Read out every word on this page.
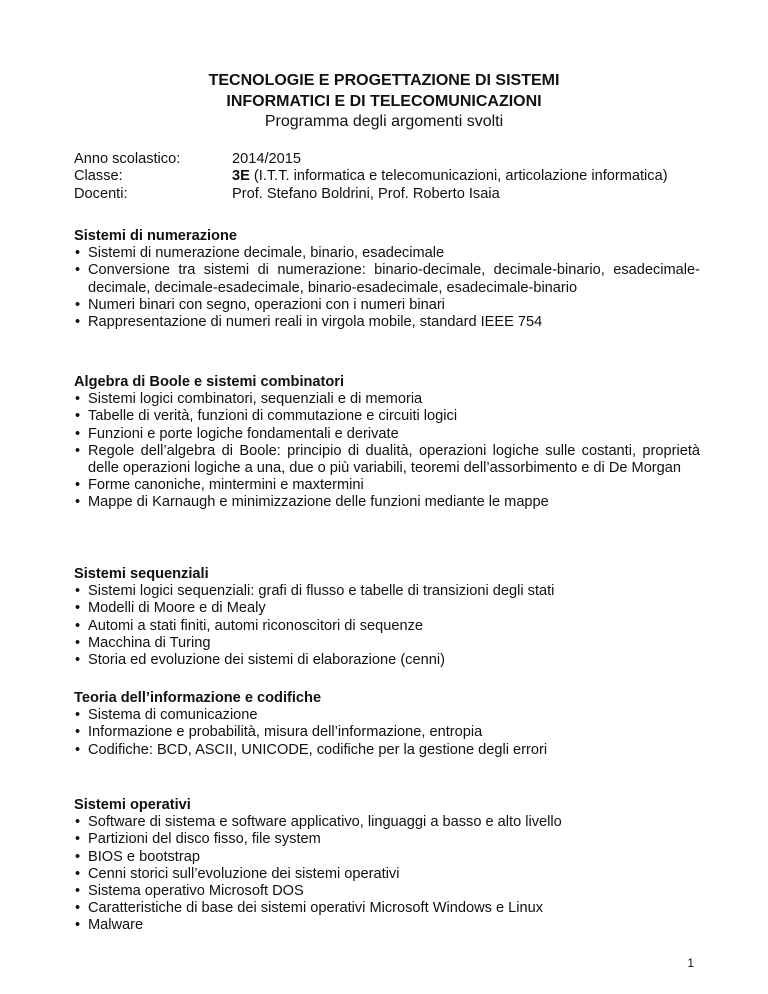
TECNOLOGIE E PROGETTAZIONE DI SISTEMI
INFORMATICI E DI TELECOMUNICAZIONI
Programma degli argomenti svolti
Anno scolastico:	2014/2015
Classe:	3E (I.T.T. informatica e telecomunicazioni, articolazione informatica)
Docenti:	Prof. Stefano Boldrini, Prof. Roberto Isaia
Sistemi di numerazione
• Sistemi di numerazione decimale, binario, esadecimale
• Conversione tra sistemi di numerazione: binario-decimale, decimale-binario, esadecimale-decimale, decimale-esadecimale, binario-esadecimale, esadecimale-binario
• Numeri binari con segno, operazioni con i numeri binari
• Rappresentazione di numeri reali in virgola mobile, standard IEEE 754
Algebra di Boole e sistemi combinatori
• Sistemi logici combinatori, sequenziali e di memoria
• Tabelle di verità, funzioni di commutazione e circuiti logici
• Funzioni e porte logiche fondamentali e derivate
• Regole dell’algebra di Boole: principio di dualità, operazioni logiche sulle costanti, proprietà delle operazioni logiche a una, due o più variabili, teoremi dell’assorbimento e di De Morgan
• Forme canoniche, mintermini e maxtermini
• Mappe di Karnaugh e minimizzazione delle funzioni mediante le mappe
Sistemi sequenziali
• Sistemi logici sequenziali: grafi di flusso e tabelle di transizioni degli stati
• Modelli di Moore e di Mealy
• Automi a stati finiti, automi riconoscitori di sequenze
• Macchina di Turing
• Storia ed evoluzione dei sistemi di elaborazione (cenni)
Teoria dell’informazione e codifiche
• Sistema di comunicazione
• Informazione e probabilità, misura dell’informazione, entropia
• Codifiche: BCD, ASCII, UNICODE, codifiche per la gestione degli errori
Sistemi operativi
• Software di sistema e software applicativo, linguaggi a basso e alto livello
• Partizioni del disco fisso, file system
• BIOS e bootstrap
• Cenni storici sull’evoluzione dei sistemi operativi
• Sistema operativo Microsoft DOS
• Caratteristiche di base dei sistemi operativi Microsoft Windows e Linux
• Malware
1
